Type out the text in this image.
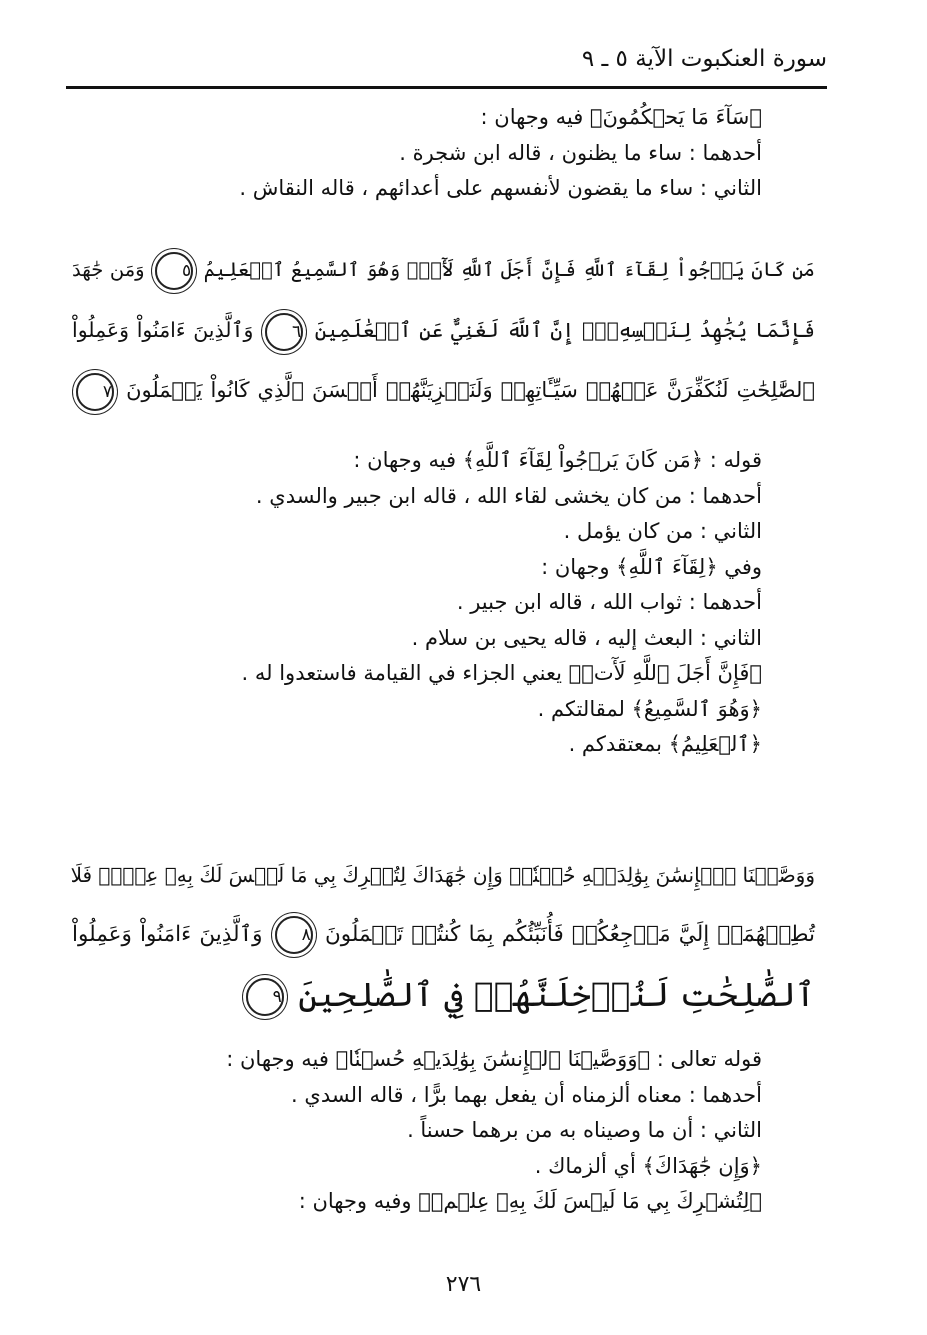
سورة العنكبوت الآية ٥ ـ ٩
﴿سَآءَ مَا يَحۡكُمُونَ﴾ فيه وجهان :
أحدهما : ساء ما يظنون ، قاله ابن شجرة .
الثاني : ساء ما يقضون لأنفسهم على أعدائهم ، قاله النقاش .
مَن كَانَ يَرۡجُواْ لِقَآءَ ٱللَّهِ فَإِنَّ أَجَلَ ٱللَّهِ لَأٓتٖۚ وَهُوَ ٱلسَّمِيعُ ٱلۡعَلِيمُ ٥ وَمَن جَٰهَدَ
فَإِنَّمَا يُجَٰهِدُ لِنَفۡسِهِۦٓۚ إِنَّ ٱللَّهَ لَغَنِيٌّ عَنِ ٱلۡعَٰلَمِينَ ٦ وَٱلَّذِينَ ءَامَنُواْ وَعَمِلُواْ
ٱلصَّٰلِحَٰتِ لَنُكَفِّرَنَّ عَنۡهُمۡ سَيِّـَٔاتِهِمۡ وَلَنَجۡزِيَنَّهُمۡ أَحۡسَنَ ٱلَّذِي كَانُواْ يَعۡمَلُونَ ٧
قوله : ﴿مَن كَانَ يَرۡجُواْ لِقَآءَ ٱللَّهِ﴾ فيه وجهان :
أحدهما : من كان يخشى لقاء الله ، قاله ابن جبير والسدي .
الثاني : من كان يؤمل .
وفي ﴿لِقَآءَ ٱللَّهِ﴾ وجهان :
أحدهما : ثواب الله ، قاله ابن جبير .
الثاني : البعث إليه ، قاله يحيى بن سلام .
﴿فَإِنَّ أَجَلَ ٱللَّهِ لَأٓتٖ﴾ يعني الجزاء في القيامة فاستعدوا له .
﴿وَهُوَ ٱلسَّمِيعُ﴾ لمقالتكم .
﴿ٱلۡعَلِيمُ﴾ بمعتقدكم .
وَوَصَّيۡنَا ٱلۡإِنسَٰنَ بِوَٰلِدَيۡهِ حُسۡنٗاۖ وَإِن جَٰهَدَاكَ لِتُشۡرِكَ بِي مَا لَيۡسَ لَكَ بِهِۦ عِلۡمٞ فَلَا
تُطِعۡهُمَآۚ إِلَيَّ مَرۡجِعُكُمۡ فَأُنَبِّئُكُم بِمَا كُنتُمۡ تَعۡمَلُونَ ٨ وَٱلَّذِينَ ءَامَنُواْ وَعَمِلُواْ
ٱلصَّٰلِحَٰتِ لَنُدۡخِلَنَّهُمۡ فِي ٱلصَّٰلِحِينَ ٩
قوله تعالى : ﴿وَوَصَّيۡنَا ٱلۡإِنسَٰنَ بِوَٰلِدَيۡهِ حُسۡنٗا﴾ فيه وجهان :
أحدهما : معناه ألزمناه أن يفعل بهما برًّا ، قاله السدي .
الثاني : أن ما وصيناه به من برهما حسناً .
﴿وَإِن جَٰهَدَاكَ﴾ أي ألزماك .
﴿لِتُشۡرِكَ بِي مَا لَيۡسَ لَكَ بِهِۦ عِلۡمٞ﴾ وفيه وجهان :
٢٧٦
